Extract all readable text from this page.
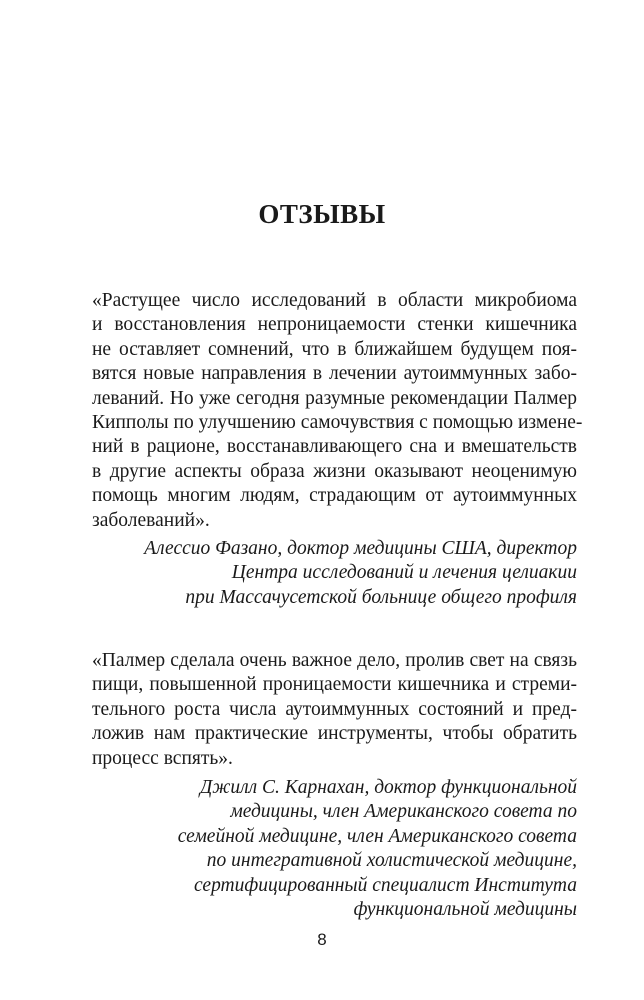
ОТЗЫВЫ
«Растущее число исследований в области микробиома
и восстановления непроницаемости стенки кишечника
не оставляет сомнений, что в ближайшем будущем поя-
вятся новые направления в лечении аутоиммунных забо-
леваний. Но уже сегодня разумные рекомендации Палмер
Кипполы по улучшению самочувствия с помощью измене-
ний в рационе, восстанавливающего сна и вмешательств
в другие аспекты образа жизни оказывают неоценимую
помощь многим людям, страдающим от аутоиммунных
заболеваний».
Алессио Фазано, доктор медицины США, директор
Центра исследований и лечения целиакии
при Массачусетской больнице общего профиля
«Палмер сделала очень важное дело, пролив свет на связь
пищи, повышенной проницаемости кишечника и стреми-
тельного роста числа аутоиммунных состояний и пред-
ложив нам практические инструменты, чтобы обратить
процесс вспять».
Джилл С. Карнахан, доктор функциональной
медицины, член Американского совета по
семейной медицине, член Американского совета
по интегративной холистической медицине,
сертифицированный специалист Института
функциональной медицины
8
